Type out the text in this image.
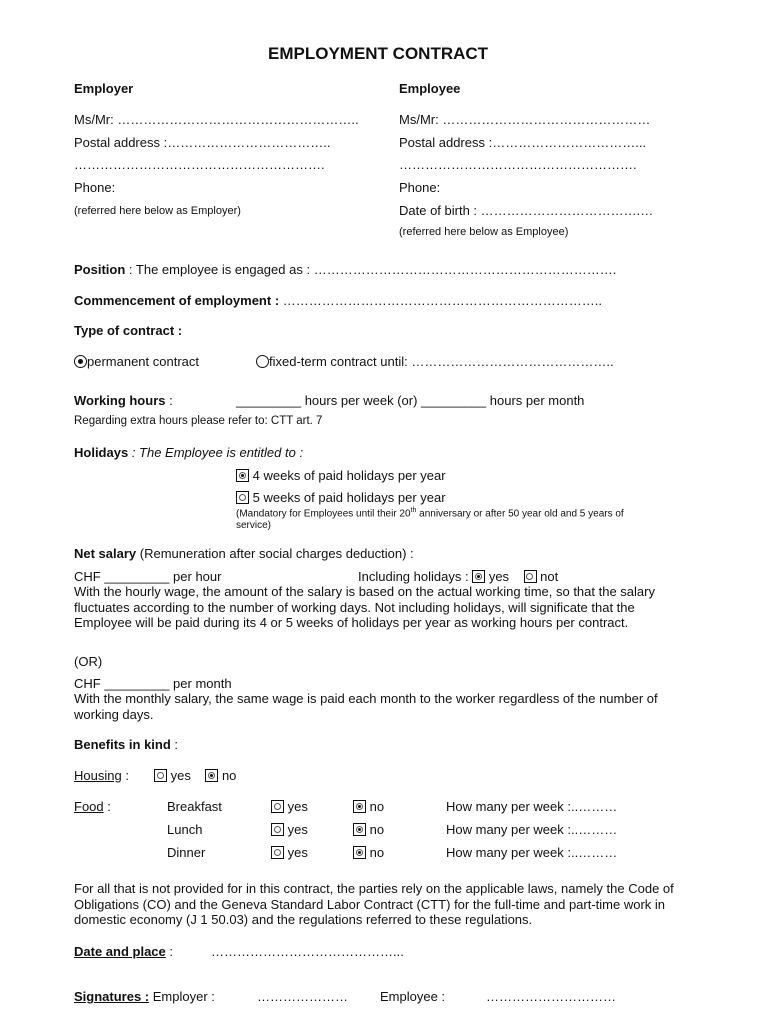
EMPLOYMENT CONTRACT
Employer
Ms/Mr: ………………………………………………..
Postal address :………………………………..
………………………………………………….
Phone:
(referred here below as Employer)
Employee
Ms/Mr: …………………………………………
Postal address :……………………………...
……………………………………………….
Phone:
Date of birth : ……………………………….…
(referred here below as Employee)
Position : The employee is engaged as : …………………………………………………………….
Commencement of employment : ………………………………………………………………..
Type of contract :
permanent contract	fixed-term contract until: ………………………………………..
Working hours :	_________ hours per week (or) _________ hours per month
Regarding extra hours please refer to: CTT art. 7
Holidays : The Employee is entitled to :
4 weeks of paid holidays per year
5 weeks of paid holidays per year
(Mandatory for Employees until their 20th anniversary or after 50 year old and 5 years of
service)
Net salary (Remuneration after social charges deduction) :
CHF _________ per hour	Including holidays : yes not
With the hourly wage, the amount of the salary is based on the actual working time, so that the salary fluctuates according to the number of working days. Not including holidays, will significate that the Employee will be paid during its 4 or 5 weeks of holidays per year as working hours per contract.
(OR)
CHF _________ per month
With the monthly salary, the same wage is paid each month to the worker regardless of the number of working days.
Benefits in kind :
Housing :	yes no
Food :	Breakfast	yes	no	How many per week :..………
Lunch	yes	no	How many per week :..………
Dinner	yes	no	How many per week :..………
For all that is not provided for in this contract, the parties rely on the applicable laws, namely the Code of Obligations (CO) and the Geneva Standard Labor Contract (CTT) for the full-time and part-time work in domestic economy (J 1 50.03) and the regulations referred to these regulations.
Date and place :	……………………………………...
Signatures : Employer :	………………… Employee :	…………………………
